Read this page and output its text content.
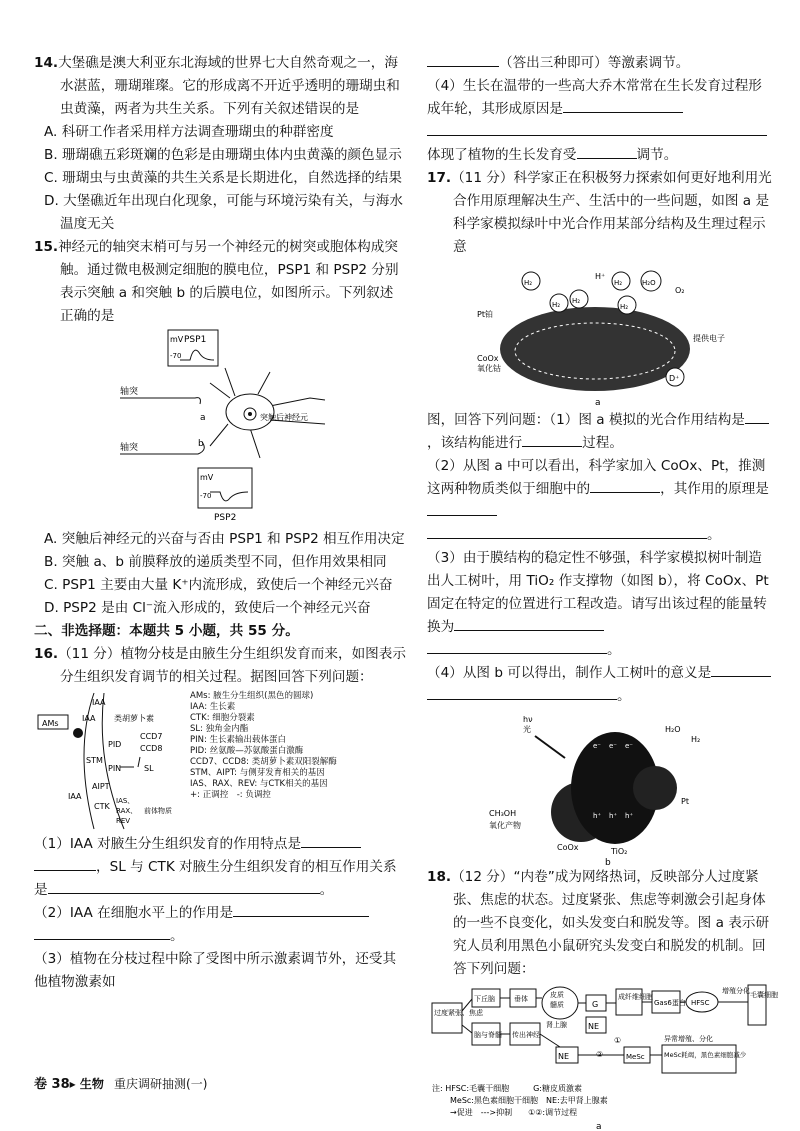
14.大堡礁是澳大利亚东北海域的世界七大自然奇观之一，海水湛蓝，珊瑚璀璨。它的形成离不开近乎透明的珊瑚虫和虫黄藻，两者为共生关系。下列有关叙述错误的是

A. 科研工作者采用样方法调查珊瑚虫的种群密度

B. 珊瑚礁五彩斑斓的色彩是由珊瑚虫体内虫黄藻的颜色显示

C. 珊瑚虫与虫黄藻的共生关系是长期进化，自然选择的结果

D. 大堡礁近年出现白化现象，可能与环境污染有关，与海水温度无关

15.神经元的轴突末梢可与另一个神经元的树突或胞体构成突触。通过微电极测定细胞的膜电位，PSP1 和 PSP2 分别表示突触 a 和突触 b 的后膜电位，如图所示。下列叙述正确的是

mV PSP1
-70
轴突
a
轴突	b
突触后神经元
mV
-70
PSP2

A. 突触后神经元的兴奋与否由 PSP1 和 PSP2 相互作用决定

B. 突触 a、b 前膜释放的递质类型不同，但作用效果相同

C. PSP1 主要由大量 K⁺内流形成，致使后一个神经元兴奋

D. PSP2 是由 Cl⁻流入形成的，致使后一个神经元兴奋

二、非选择题：本题共 5 小题，共 55 分。

16.（11 分）植物分枝是由腋生分生组织发育而来，如图表示分生组织发育调节的相关过程。据图回答下列问题：

AMs
IAA
IAA
IAA
类胡萝卜素
CCD7
CCD8
PID
PIN	SL
STM
AIPT
CTK
IAS、
RAX、
REV
前体物质
AMs: 腋生分生组织(黑色的圆球)
IAA: 生长素
CTK: 细胞分裂素
SL: 独角金内酯
PIN: 生长素输出载体蛋白
PID: 丝氨酸—苏氨酸蛋白激酶
CCD7、CCD8: 类胡萝卜素双阳裂解酶
STM、AIPT: 与侧芽发育相关的基因
IAS、RAX、REV: 与CTK相关的基因
+: 正调控　-: 负调控

（1）IAA 对腋生分生组织发育的作用特点是

，SL 与 CTK 对腋生分生组织发育的相互作用关系是	。

（2）IAA 在细胞水平上的作用是

。

（3）植物在分枝过程中除了受图中所示激素调节外，还受其他植物激素如

（答出三种即可）等激素调节。

（4）生长在温带的一些高大乔木常常在生长发育过程形成年轮，其形成原因是

体现了植物的生长发育受	调节。

17.（11 分）科学家正在积极努力探索如何更好地利用光合作用原理解决生产、生活中的一些问题，如图 a 是科学家模拟绿叶中光合作用某部分结构及生理过程示意

H₂
H₂ H₂
H⁺
H₂
H₂
H₂O
O₂
Pt铂
CoOx
氧化钴
提供电子
D⁺
a

图，回答下列问题：（1）图 a 模拟的光合作用结构是，该结构能进行	过程。

（2）从图 a 中可以看出，科学家加入 CoOx、Pt，推测这两种物质类似于细胞中的	，其作用的原理是

。

（3）由于膜结构的稳定性不够强，科学家模拟树叶制造出人工树叶，用 TiO₂ 作支撑物（如图 b），将 CoOx、Pt 固定在特定的位置进行工程改造。请写出该过程的能量转换为

。

（4）从图 b 可以得出，制作人工树叶的意义是

。

hν
光
e⁻ e⁻ e⁻
h⁺ h⁺ h⁺
H₂O
H₂
Pt
CH₃OH
氧化产物
CoOx	TiO₂
b

18.（12 分）“内卷”成为网络热词，反映部分人过度紧张、焦虑的状态。过度紧张、焦虑等刺激会引起身体的一些不良变化，如头发变白和脱发等。图 a 表示研究人员利用黑色小鼠研究头发变白和脱发的机制。回答下列问题：

过度紧张、焦虑
下丘脑	垂体	皮质
髓质
肾上腺
G
NE
成纤维细胞
Gas6蛋白 HFSC
增殖分化 毛囊细胞
脑与脊髓 传出神经
NE
①
②	MeSc
异常增殖、分化
MeSc耗竭，黑色素细胞减少
注: HFSC:毛囊干细胞　　　G:糖皮质激素
MeSc:黑色素细胞干细胞　NE:去甲肾上腺素
→促进　--->抑制　　①②:调节过程
a
卷 38▸ 生物 重庆调研抽测(一)
